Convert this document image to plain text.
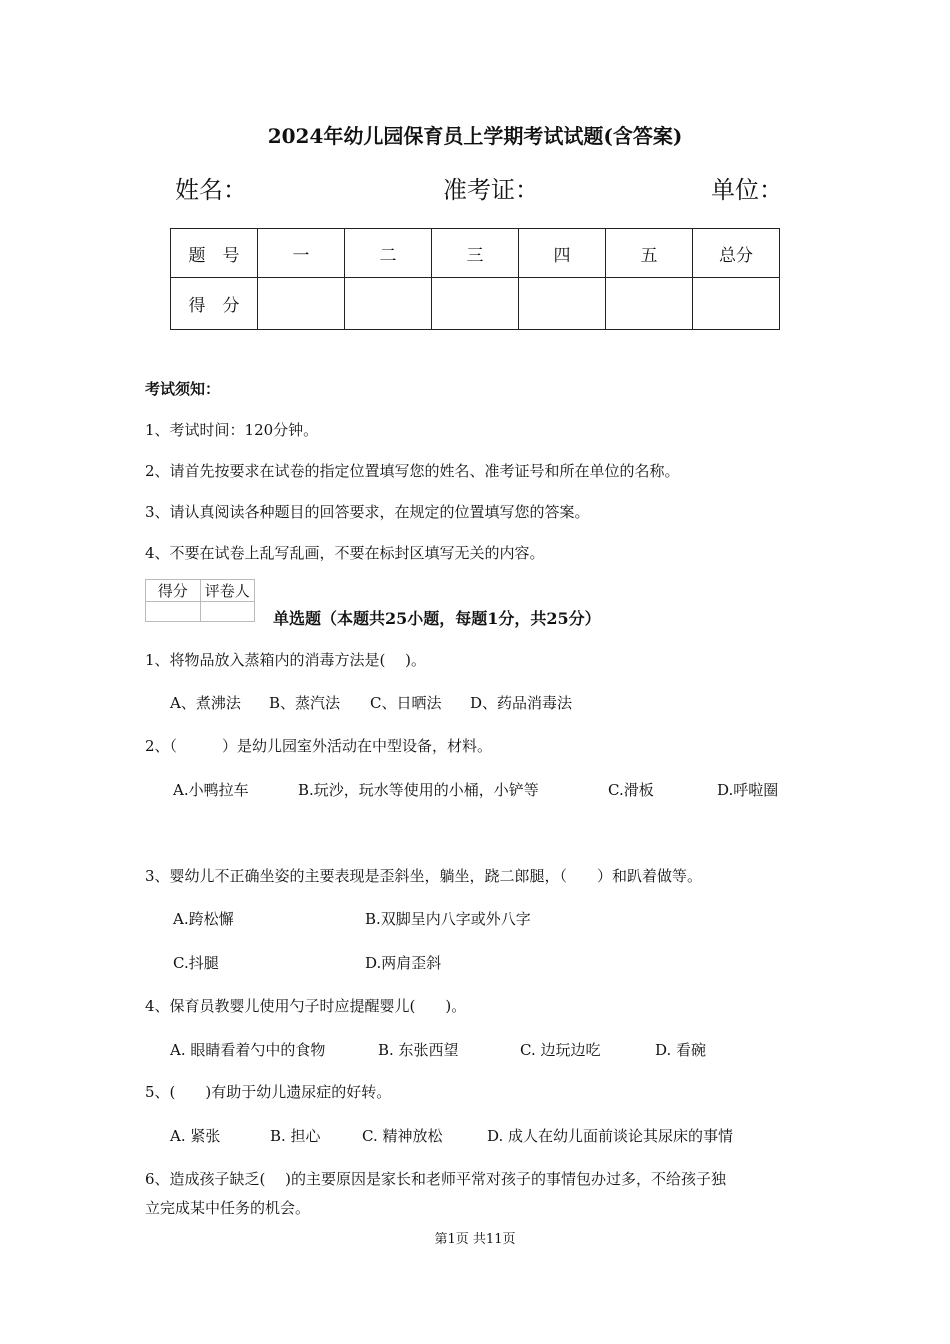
2024年幼儿园保育员上学期考试试题(含答案)
姓名：	准考证：	单位：
题　号	一	二	三	四	五	总分
得　分						
考试须知：
1、考试时间：120分钟。
2、请首先按要求在试卷的指定位置填写您的姓名、准考证号和所在单位的名称。
3、请认真阅读各种题目的回答要求，在规定的位置填写您的答案。
4、不要在试卷上乱写乱画，不要在标封区填写无关的内容。
得分	评卷人

单选题（本题共25小题，每题1分，共25分）
1、将物品放入蒸箱内的消毒方法是(　 )。
A、煮沸法 B、蒸汽法 C、日晒法 D、药品消毒法
2、（　　　）是幼儿园室外活动在中型设备，材料。
A.小鸭拉车	B.玩沙，玩水等使用的小桶，小铲等	C.滑板	D.呼啦圈
3、婴幼儿不正确坐姿的主要表现是歪斜坐，躺坐，跷二郎腿，（　　）和趴着做等。
A.跨松懈	B.双脚呈内八字或外八字
C.抖腿	D.两肩歪斜
4、保育员教婴儿使用勺子时应提醒婴儿(　　)。
A. 眼睛看着勺中的食物	B. 东张西望	C. 边玩边吃	D. 看碗
5、(　　)有助于幼儿遗尿症的好转。
A. 紧张	B. 担心	C. 精神放松	D. 成人在幼儿面前谈论其尿床的事情
6、造成孩子缺乏(　 )的主要原因是家长和老师平常对孩子的事情包办过多，不给孩子独
立完成某中任务的机会。
第1页 共11页
